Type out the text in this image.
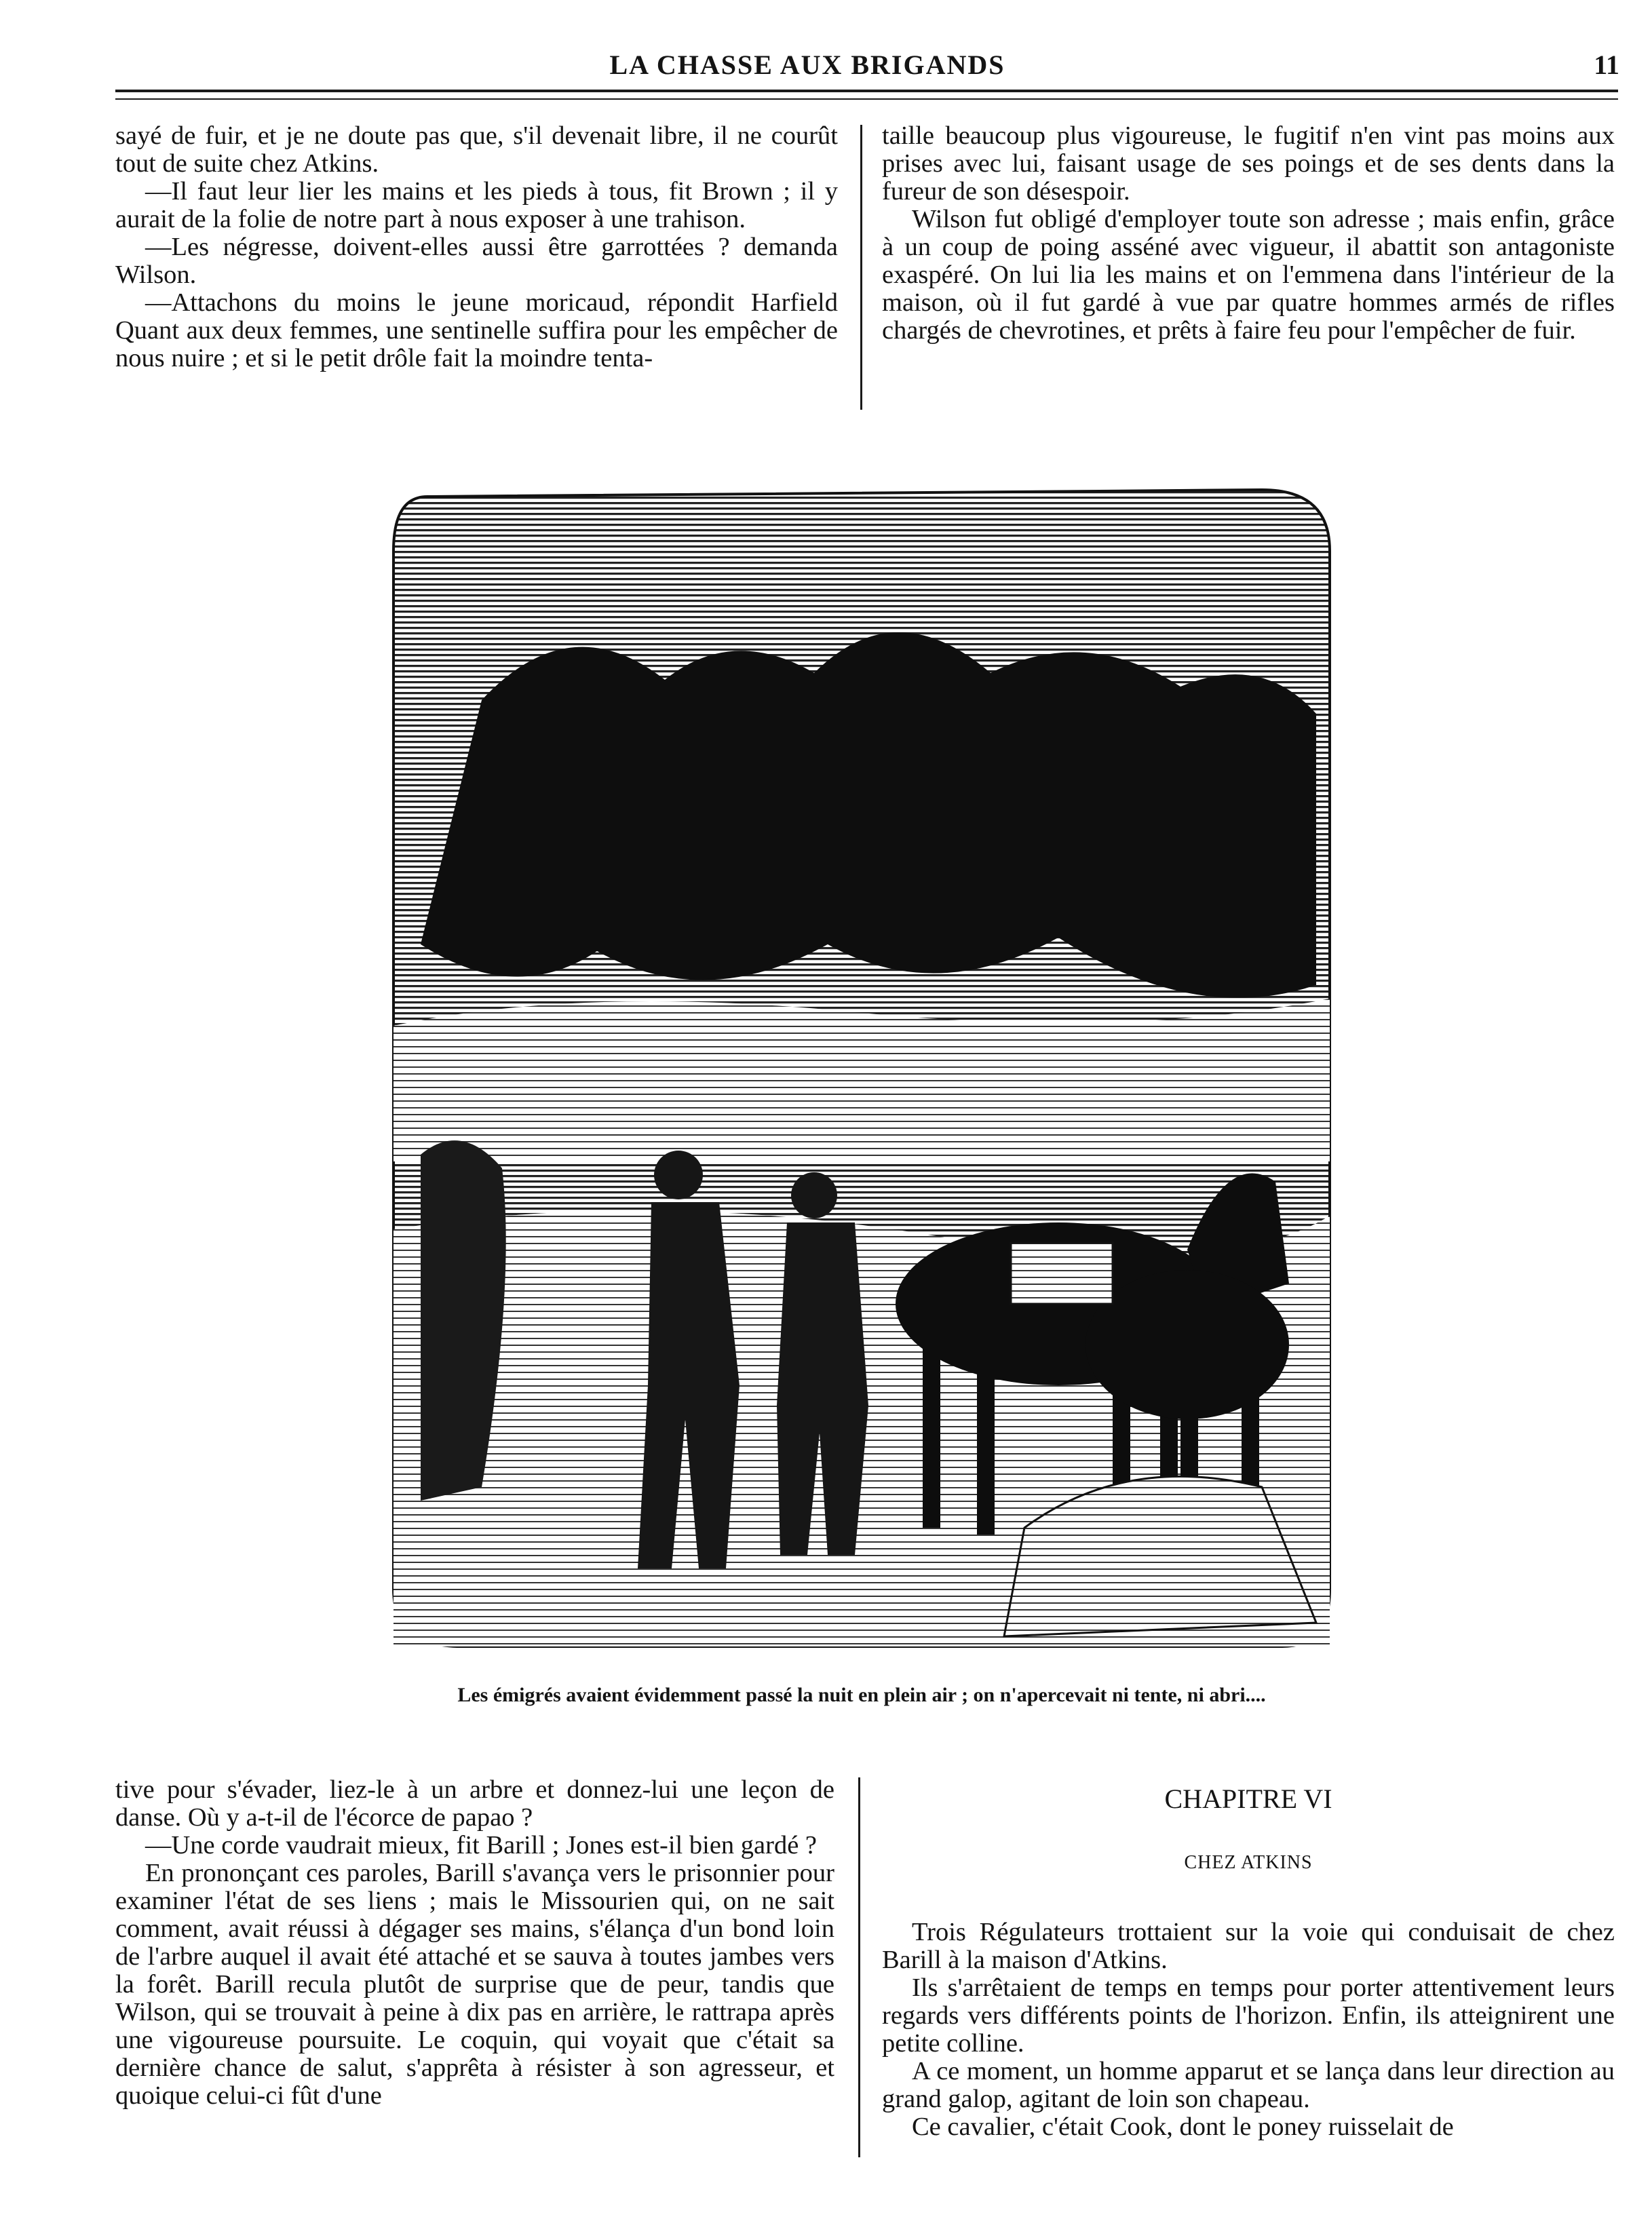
LA CHASSE AUX BRIGANDS	11

sayé de fuir, et je ne doute pas que, s'il devenait libre, il ne courût tout de suite chez Atkins.

—Il faut leur lier les mains et les pieds à tous, fit Brown ; il y aurait de la folie de notre part à nous exposer à une trahison.

—Les négresse, doivent-elles aussi être garrottées ? demanda Wilson.

—Attachons du moins le jeune moricaud, répondit Harfield Quant aux deux femmes, une sentinelle suffira pour les empêcher de nous nuire ; et si le petit drôle fait la moindre tenta-

taille beaucoup plus vigoureuse, le fugitif n'en vint pas moins aux prises avec lui, faisant usage de ses poings et de ses dents dans la fureur de son désespoir.

Wilson fut obligé d'employer toute son adresse ; mais enfin, grâce à un coup de poing asséné avec vigueur, il abattit son antagoniste exaspéré. On lui lia les mains et on l'emmena dans l'intérieur de la maison, où il fut gardé à vue par quatre hommes armés de rifles chargés de chevrotines, et prêts à faire feu pour l'empêcher de fuir.

Les émigrés avaient évidemment passé la nuit en plein air ; on n'apercevait ni tente, ni abri....

tive pour s'évader, liez-le à un arbre et donnez-lui une leçon de danse. Où y a-t-il de l'écorce de papao ?

—Une corde vaudrait mieux, fit Barill ; Jones est-il bien gardé ?

En prononçant ces paroles, Barill s'avança vers le prisonnier pour examiner l'état de ses liens ; mais le Missourien qui, on ne sait comment, avait réussi à dégager ses mains, s'élança d'un bond loin de l'arbre auquel il avait été attaché et se sauva à toutes jambes vers la forêt. Barill recula plutôt de surprise que de peur, tandis que Wilson, qui se trouvait à peine à dix pas en arrière, le rattrapa après une vigoureuse poursuite. Le coquin, qui voyait que c'était sa dernière chance de salut, s'apprêta à résister à son agresseur, et quoique celui-ci fût d'une

CHAPITRE VI
CHEZ ATKINS

Trois Régulateurs trottaient sur la voie qui conduisait de chez Barill à la maison d'Atkins.

Ils s'arrêtaient de temps en temps pour porter attentivement leurs regards vers différents points de l'horizon. Enfin, ils atteignirent une petite colline.

A ce moment, un homme apparut et se lança dans leur direction au grand galop, agitant de loin son chapeau.

Ce cavalier, c'était Cook, dont le poney ruisselait de
